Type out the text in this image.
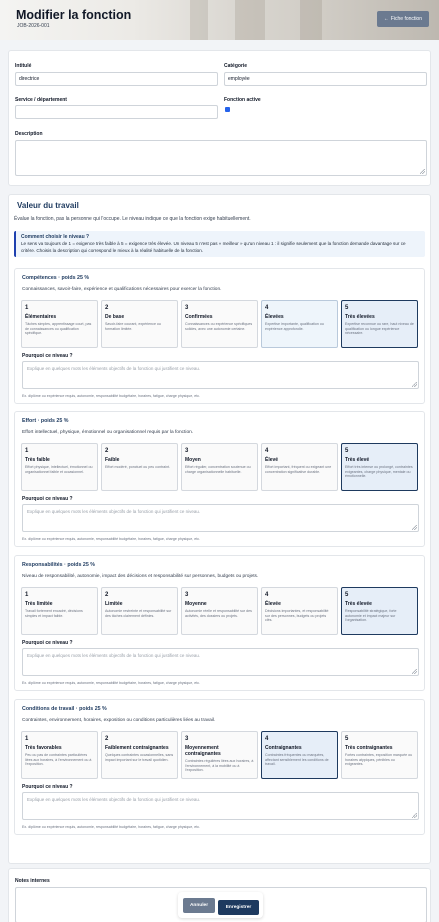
Modifier la fonction
JOB-2026-001
← Fiche fonction
Intitulé
directrice
Catégorie
employée
Service / département	Fonction active
Description
Valeur du travail
Évalue la fonction, pas la personne qui l'occupe. Le niveau indique ce que la fonction exige habituellement.
Comment choisir le niveau ?
Le sens va toujours de 1 = exigence très faible à 5 = exigence très élevée. Un niveau 5 n'est pas « meilleur » qu'un niveau 1 : il signifie seulement que la fonction demande davantage sur ce critère. Choisis la description qui correspond le mieux à la réalité habituelle de la fonction.
Compétences · poids 25 %
Connaissances, savoir-faire, expérience et qualifications nécessaires pour exercer la fonction.
1
Élémentaires
Tâches simples, apprentissage court, pas de connaissances ou qualification spécifique.
2
De base
Savoir-faire courant, expérience ou formation limitée.
3
Confirmées
Connaissances ou expérience spécifiques solides, avec une autonomie certaine.
4
Élevées
Expertise importante, qualification ou expérience approfondie.
5
Très élevées
Expertise reconnue ou rare, haut niveau de qualification ou longue expérience nécessaire.
Pourquoi ce niveau ?
Explique en quelques mots les éléments objectifs de la fonction qui justifient ce niveau.
Ex. diplôme ou expérience requis, autonomie, responsabilité budgétaire, horaires, fatigue, charge physique, etc.
Effort · poids 25 %
Effort intellectuel, physique, émotionnel ou organisationnel requis par la fonction.
1
Très faible
Effort physique, intellectuel, émotionnel ou organisationnel faible et occasionnel.
2
Faible
Effort modéré, ponctuel ou peu contraint.
3
Moyen
Effort régulier, concentration soutenue ou charge organisationnelle habituelle.
4
Élevé
Effort important, fréquent ou exigeant une concentration significative durable.
5
Très élevé
Effort très intense ou prolongé, contraintes exigeantes, charge physique, mentale ou émotionnelle.
Pourquoi ce niveau ?
Explique en quelques mots les éléments objectifs de la fonction qui justifient ce niveau.
Ex. diplôme ou expérience requis, autonomie, responsabilité budgétaire, horaires, fatigue, charge physique, etc.
Responsabilités · poids 25 %
Niveau de responsabilité, autonomie, impact des décisions et responsabilité sur personnes, budgets ou projets.
1
Très limitée
Travail fortement encadré, décisions simples et impact faible.
2
Limitée
Autonomie restreinte et responsabilité sur des tâches clairement définies.
3
Moyenne
Autonomie réelle et responsabilité sur des activités, des dossiers ou projets.
4
Élevée
Décisions importantes, et responsabilité sur des personnes, budgets ou projets clés.
5
Très élevée
Responsabilité stratégique, forte autonomie et impact majeur sur l'organisation.
Pourquoi ce niveau ?
Explique en quelques mots les éléments objectifs de la fonction qui justifient ce niveau.
Ex. diplôme ou expérience requis, autonomie, responsabilité budgétaire, horaires, fatigue, charge physique, etc.
Conditions de travail · poids 25 %
Contraintes, environnement, horaires, exposition ou conditions particulières liées au travail.
1
Très favorables
Peu ou pas de contraintes particulières liées aux horaires, à l'environnement ou à l'exposition.
2
Faiblement contraignantes
Quelques contraintes occasionnelles, sans impact important sur le travail quotidien.
3
Moyennement contraignantes
Contraintes régulières liées aux horaires, à l'environnement, à la mobilité ou à l'exposition.
4
Contraignantes
Contraintes fréquentes ou marquées, affectant sensiblement les conditions de travail.
5
Très contraignantes
Fortes contraintes, exposition marquée ou horaires atypiques, pénibles ou exigeantes.
Pourquoi ce niveau ?
Explique en quelques mots les éléments objectifs de la fonction qui justifient ce niveau.
Ex. diplôme ou expérience requis, autonomie, responsabilité budgétaire, horaires, fatigue, charge physique, etc.
Notes internes
Annuler	Enregistrer
